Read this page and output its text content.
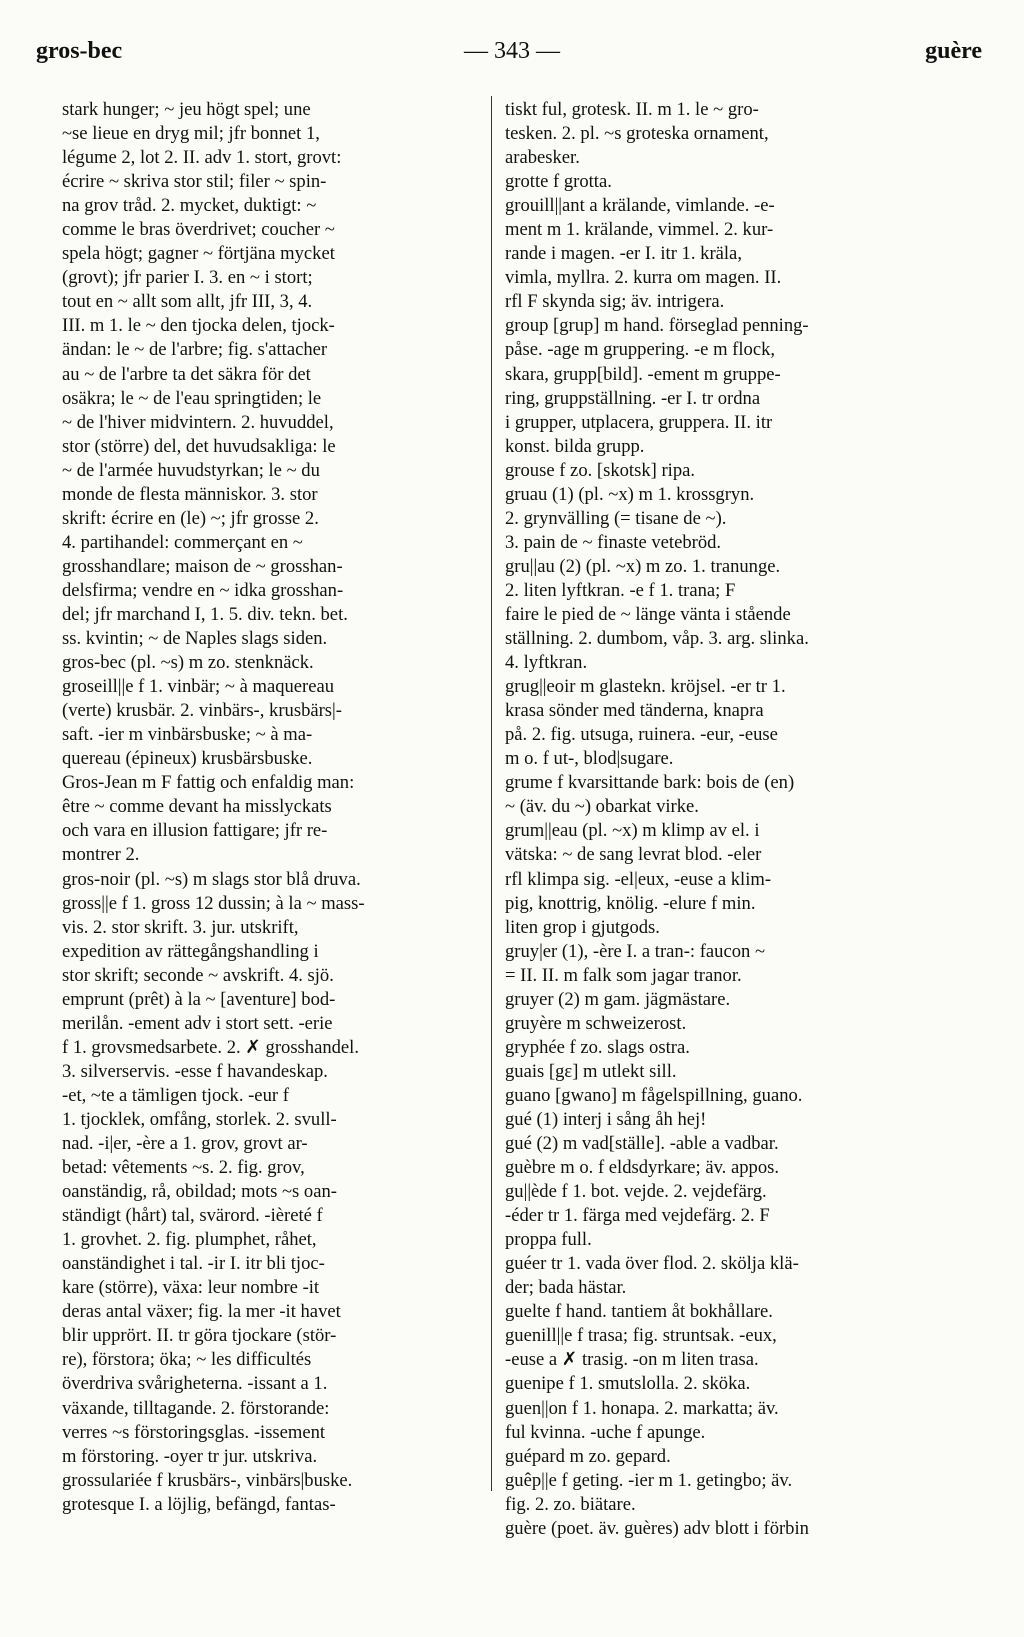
gros-bec	— 343 —	guère
stark hunger; ~ jeu högt spel; une
~se lieue en dryg mil; jfr bonnet 1,
légume 2, lot 2. II. adv 1. stort, grovt:
écrire ~ skriva stor stil; filer ~ spin-
na grov tråd. 2. mycket, duktigt: ~
comme le bras överdrivet; coucher ~
spela högt; gagner ~ förtjäna mycket
(grovt); jfr parier I. 3. en ~ i stort;
tout en ~ allt som allt, jfr III, 3, 4.
III. m 1. le ~ den tjocka delen, tjock-
ändan: le ~ de l'arbre; fig. s'attacher
au ~ de l'arbre ta det säkra för det
osäkra; le ~ de l'eau springtiden; le
~ de l'hiver midvintern. 2. huvuddel,
stor (större) del, det huvudsakliga: le
~ de l'armée huvudstyrkan; le ~ du
monde de flesta människor. 3. stor
skrift: écrire en (le) ~; jfr grosse 2.
4. partihandel: commerçant en ~
grosshandlare; maison de ~ grosshan-
delsfirma; vendre en ~ idka grosshan-
del; jfr marchand I, 1. 5. div. tekn. bet.
ss. kvintin; ~ de Naples slags siden.
gros-bec (pl. ~s) m zo. stenknäck.
groseill||e f 1. vinbär; ~ à maquereau
(verte) krusbär. 2. vinbärs-, krusbärs|-
saft. -ier m vinbärsbuske; ~ à ma-
quereau (épineux) krusbärsbuske.
Gros-Jean m F fattig och enfaldig man:
être ~ comme devant ha misslyckats
och vara en illusion fattigare; jfr re-
montrer 2.
gros-noir (pl. ~s) m slags stor blå druva.
gross||e f 1. gross 12 dussin; à la ~ mass-
vis. 2. stor skrift. 3. jur. utskrift,
expedition av rättegångshandling i
stor skrift; seconde ~ avskrift. 4. sjö.
emprunt (prêt) à la ~ [aventure] bod-
merilån. -ement adv i stort sett. -erie
f 1. grovsmedsarbete. 2. ✗ grosshandel.
3. silverservis. -esse f havandeskap.
-et, ~te a tämligen tjock. -eur f
1. tjocklek, omfång, storlek. 2. svull-
nad. -i|er, -ère a 1. grov, grovt ar-
betad: vêtements ~s. 2. fig. grov,
oanständig, rå, obildad; mots ~s oan-
ständigt (hårt) tal, svärord. -ièreté f
1. grovhet. 2. fig. plumphet, råhet,
oanständighet i tal. -ir I. itr bli tjoc-
kare (större), växa: leur nombre -it
deras antal växer; fig. la mer -it havet
blir upprört. II. tr göra tjockare (stör-
re), förstora; öka; ~ les difficultés
överdriva svårigheterna. -issant a 1.
växande, tilltagande. 2. förstorande:
verres ~s förstoringsglas. -issement
m förstoring. -oyer tr jur. utskriva.
grossulariée f krusbärs-, vinbärs|buske.
grotesque I. a löjlig, befängd, fantas-
tiskt ful, grotesk. II. m 1. le ~ gro-
tesken. 2. pl. ~s groteska ornament,
arabesker.
grotte f grotta.
grouill||ant a krälande, vimlande. -e-
ment m 1. krälande, vimmel. 2. kur-
rande i magen. -er I. itr 1. kräla,
vimla, myllra. 2. kurra om magen. II.
rfl F skynda sig; äv. intrigera.
group [grup] m hand. förseglad penning-
påse. -age m gruppering. -e m flock,
skara, grupp[bild]. -ement m gruppe-
ring, gruppställning. -er I. tr ordna
i grupper, utplacera, gruppera. II. itr
konst. bilda grupp.
grouse f zo. [skotsk] ripa.
gruau (1) (pl. ~x) m 1. krossgryn.
2. grynvälling (= tisane de ~).
3. pain de ~ finaste vetebröd.
gru||au (2) (pl. ~x) m zo. 1. tranunge.
2. liten lyftkran. -e f 1. trana; F
faire le pied de ~ länge vänta i stående
ställning. 2. dumbom, våp. 3. arg. slinka.
4. lyftkran.
grug||eoir m glastekn. kröjsel. -er tr 1.
krasa sönder med tänderna, knapra
på. 2. fig. utsuga, ruinera. -eur, -euse
m o. f ut-, blod|sugare.
grume f kvarsittande bark: bois de (en)
~ (äv. du ~) obarkat virke.
grum||eau (pl. ~x) m klimp av el. i
vätska: ~ de sang levrat blod. -eler
rfl klimpa sig. -el|eux, -euse a klim-
pig, knottrig, knölig. -elure f min.
liten grop i gjutgods.
gruy|er (1), -ère I. a tran-: faucon ~
= II. II. m falk som jagar tranor.
gruyer (2) m gam. jägmästare.
gruyère m schweizerost.
gryphée f zo. slags ostra.
guais [gɛ] m utlekt sill.
guano [gwano] m fågelspillning, guano.
gué (1) interj i sång åh hej!
gué (2) m vad[ställe]. -able a vadbar.
guèbre m o. f eldsdyrkare; äv. appos.
gu||ède f 1. bot. vejde. 2. vejdefärg.
-éder tr 1. färga med vejdefärg. 2. F
proppa full.
guéer tr 1. vada över flod. 2. skölja klä-
der; bada hästar.
guelte f hand. tantiem åt bokhållare.
guenill||e f trasa; fig. struntsak. -eux,
-euse a ✗ trasig. -on m liten trasa.
guenipe f 1. smutslolla. 2. sköka.
guen||on f 1. honapa. 2. markatta; äv.
ful kvinna. -uche f apunge.
guépard m zo. gepard.
guêp||e f geting. -ier m 1. getingbo; äv.
fig. 2. zo. biätare.
guère (poet. äv. guères) adv blott i förbin
